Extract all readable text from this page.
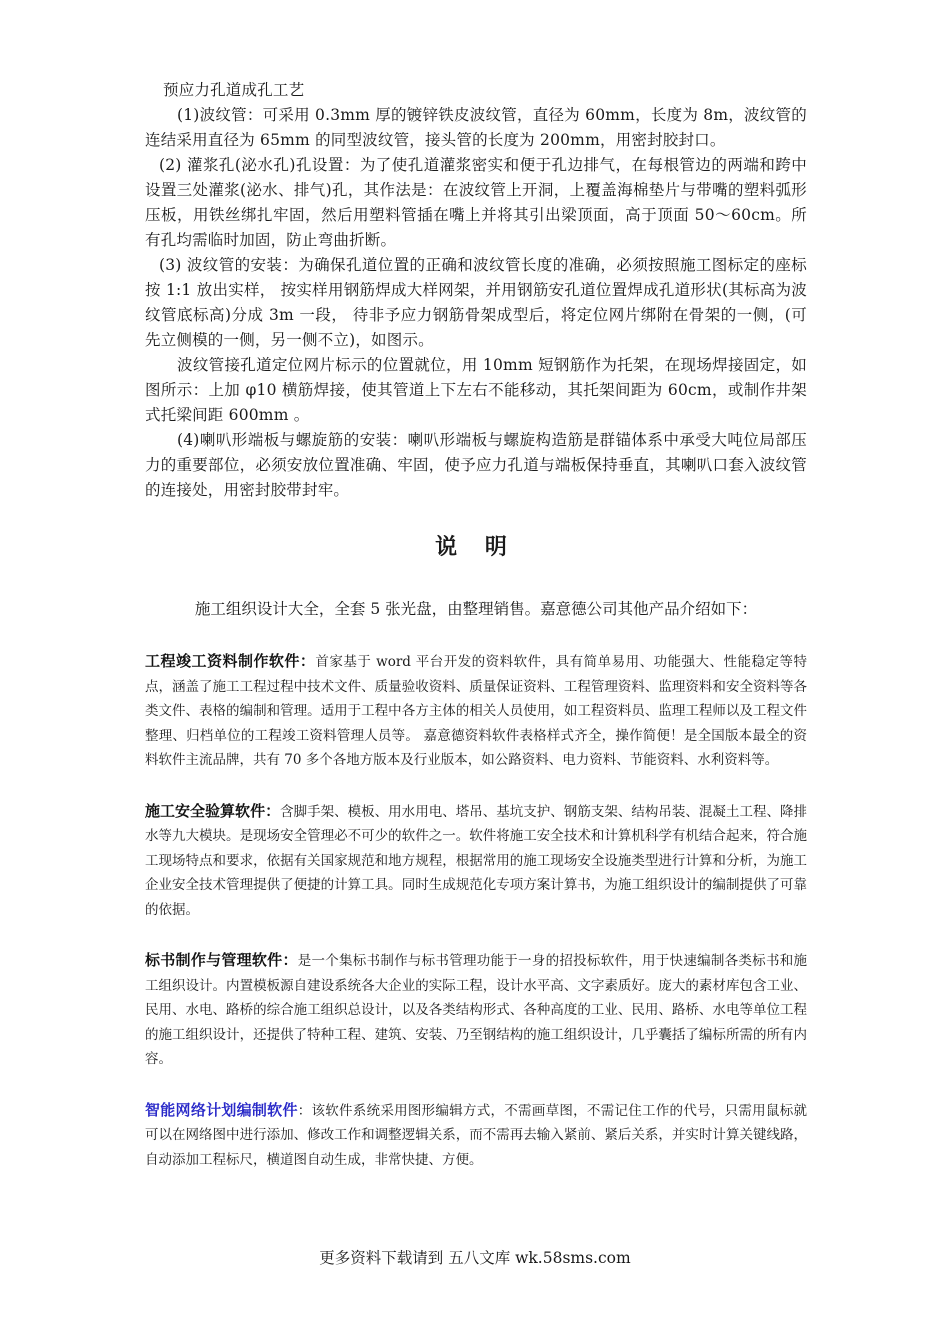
预应力孔道成孔工艺

(1)波纹管：可采用 0.3mm 厚的镀锌铁皮波纹管，直径为 60mm，长度为 8m，波纹管的连结采用直径为 65mm 的同型波纹管，接头管的长度为 200mm，用密封胶封口。

(2) 灌浆孔(泌水孔)孔设置：为了使孔道灌浆密实和便于孔边排气，在每根管边的两端和跨中设置三处灌浆(泌水、排气)孔，其作法是：在波纹管上开洞，上覆盖海棉垫片与带嘴的塑料弧形压板，用铁丝绑扎牢固，然后用塑料管插在嘴上并将其引出梁顶面，高于顶面 50～60cm。所有孔均需临时加固，防止弯曲折断。

(3) 波纹管的安装：为确保孔道位置的正确和波纹管长度的准确，必须按照施工图标定的座标按 1:1 放出实样， 按实样用钢筋焊成大样网架，并用钢筋安孔道位置焊成孔道形状(其标高为波纹管底标高)分成 3m 一段， 待非予应力钢筋骨架成型后，将定位网片绑附在骨架的一侧，(可先立侧模的一侧，另一侧不立)，如图示。

波纹管接孔道定位网片标示的位置就位，用 10mm 短钢筋作为托架，在现场焊接固定，如图所示：上加 φ10 横筋焊接，使其管道上下左右不能移动，其托架间距为 60cm，或制作井架式托梁间距 600mm 。

(4)喇叭形端板与螺旋筋的安装：喇叭形端板与螺旋构造筋是群锚体系中承受大吨位局部压力的重要部位，必须安放位置准确、牢固，使予应力孔道与端板保持垂直，其喇叭口套入波纹管的连接处，用密封胶带封牢。

说 明

施工组织设计大全，全套 5 张光盘，由整理销售。嘉意德公司其他产品介绍如下：

工程竣工资料制作软件：首家基于 word 平台开发的资料软件，具有简单易用、功能强大、性能稳定等特点，涵盖了施工工程过程中技术文件、质量验收资料、质量保证资料、工程管理资料、监理资料和安全资料等各类文件、表格的编制和管理。适用于工程中各方主体的相关人员使用，如工程资料员、监理工程师以及工程文件整理、归档单位的工程竣工资料管理人员等。 嘉意德资料软件表格样式齐全，操作简便！是全国版本最全的资料软件主流品牌，共有 70 多个各地方版本及行业版本，如公路资料、电力资料、节能资料、水利资料等。

施工安全验算软件：含脚手架、模板、用水用电、塔吊、基坑支护、钢筋支架、结构吊装、混凝土工程、降排水等九大模块。是现场安全管理必不可少的软件之一。软件将施工安全技术和计算机科学有机结合起来，符合施工现场特点和要求，依据有关国家规范和地方规程，根据常用的施工现场安全设施类型进行计算和分析，为施工企业安全技术管理提供了便捷的计算工具。同时生成规范化专项方案计算书，为施工组织设计的编制提供了可靠的依据。

标书制作与管理软件：是一个集标书制作与标书管理功能于一身的招投标软件，用于快速编制各类标书和施工组织设计。内置模板源自建设系统各大企业的实际工程，设计水平高、文字素质好。庞大的素材库包含工业、民用、水电、路桥的综合施工组织总设计，以及各类结构形式、各种高度的工业、民用、路桥、水电等单位工程的施工组织设计，还提供了特种工程、建筑、安装、乃至钢结构的施工组织设计，几乎囊括了编标所需的所有内容。

智能网络计划编制软件：该软件系统采用图形编辑方式，不需画草图，不需记住工作的代号，只需用鼠标就可以在网络图中进行添加、修改工作和调整逻辑关系，而不需再去输入紧前、紧后关系，并实时计算关键线路，自动添加工程标尺，横道图自动生成，非常快捷、方便。

更多资料下载请到 五八文库 wk.58sms.com
